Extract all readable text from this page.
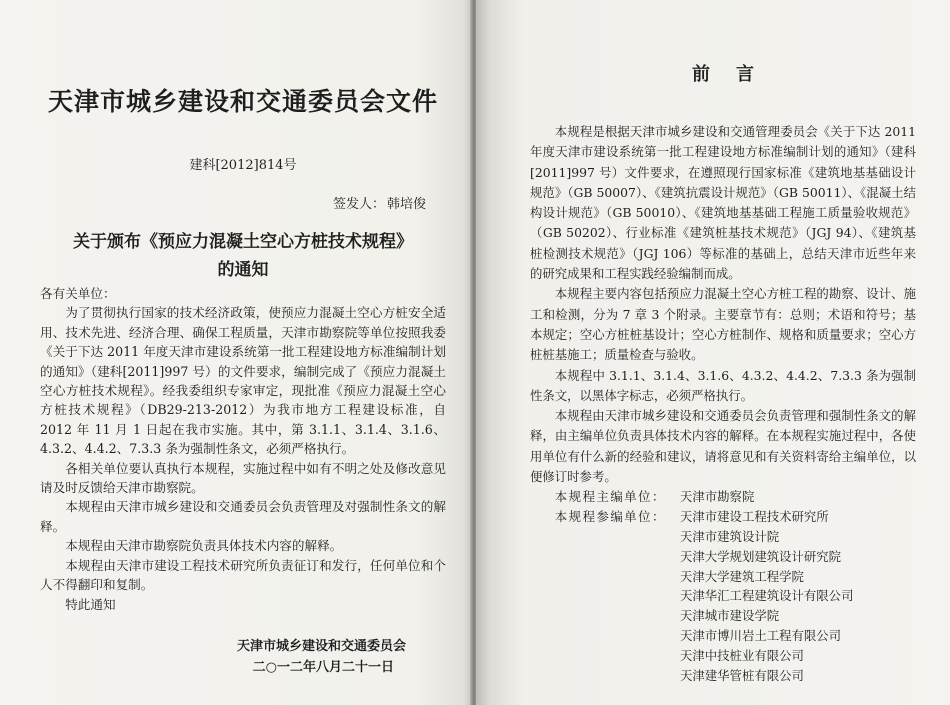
天津市城乡建设和交通委员会文件
建科[2012]814号
签发人： 韩培俊
关于颁布《预应力混凝土空心方桩技术规程》
的通知

各有关单位：

为了贯彻执行国家的技术经济政策，使预应力混凝土空心方桩安全适用、技术先进、经济合理、确保工程质量，天津市勘察院等单位按照我委《关于下达 2011 年度天津市建设系统第一批工程建设地方标准编制计划的通知》（建科[2011]997 号）的文件要求，编制完成了《预应力混凝土空心方桩技术规程》。经我委组织专家审定，现批准《预应力混凝土空心方桩技术规程》（DB29-213-2012）为我市地方工程建设标准，自 2012 年 11 月 1 日起在我市实施。其中，第 3.1.1、3.1.4、3.1.6、4.3.2、4.4.2、7.3.3 条为强制性条文，必须严格执行。

各相关单位要认真执行本规程，实施过程中如有不明之处及修改意见请及时反馈给天津市勘察院。

本规程由天津市城乡建设和交通委员会负责管理及对强制性条文的解释。

本规程由天津市勘察院负责具体技术内容的解释。

本规程由天津市建设工程技术研究所负责征订和发行，任何单位和个人不得翻印和复制。

特此通知

天津市城乡建设和交通委员会
二○一二年八月二十一日
前言

本规程是根据天津市城乡建设和交通管理委员会《关于下达 2011 年度天津市建设系统第一批工程建设地方标准编制计划的通知》（建科 [2011]997 号）文件要求，在遵照现行国家标准《建筑地基基础设计规范》（GB 50007）、《建筑抗震设计规范》（GB 50011）、《混凝土结构设计规范》（GB 50010）、《建筑地基基础工程施工质量验收规范》（GB 50202）、行业标准《建筑桩基技术规范》（JGJ 94）、《建筑基桩检测技术规范》（JGJ 106）等标准的基础上，总结天津市近些年来的研究成果和工程实践经验编制而成。

本规程主要内容包括预应力混凝土空心方桩工程的勘察、设计、施工和检测，分为 7 章 3 个附录。主要章节有：总则；术语和符号；基本规定；空心方桩桩基设计；空心方桩制作、规格和质量要求；空心方桩桩基施工；质量检查与验收。

本规程中 3.1.1、3.1.4、3.1.6、4.3.2、4.4.2、7.3.3 条为强制性条文，以黑体字标志，必须严格执行。

本规程由天津市城乡建设和交通委员会负责管理和强制性条文的解释，由主编单位负责具体技术内容的解释。在本规程实施过程中，各使用单位有什么新的经验和建议，请将意见和有关资料寄给主编单位，以便修订时参考。

本规程主编单位：	天津市勘察院
本规程参编单位：	天津市建设工程技术研究所
天津市建筑设计院
天津大学规划建筑设计研究院
天津大学建筑工程学院
天津华汇工程建筑设计有限公司
天津城市建设学院
天津市博川岩土工程有限公司
天津中技桩业有限公司
天津建华管桩有限公司
